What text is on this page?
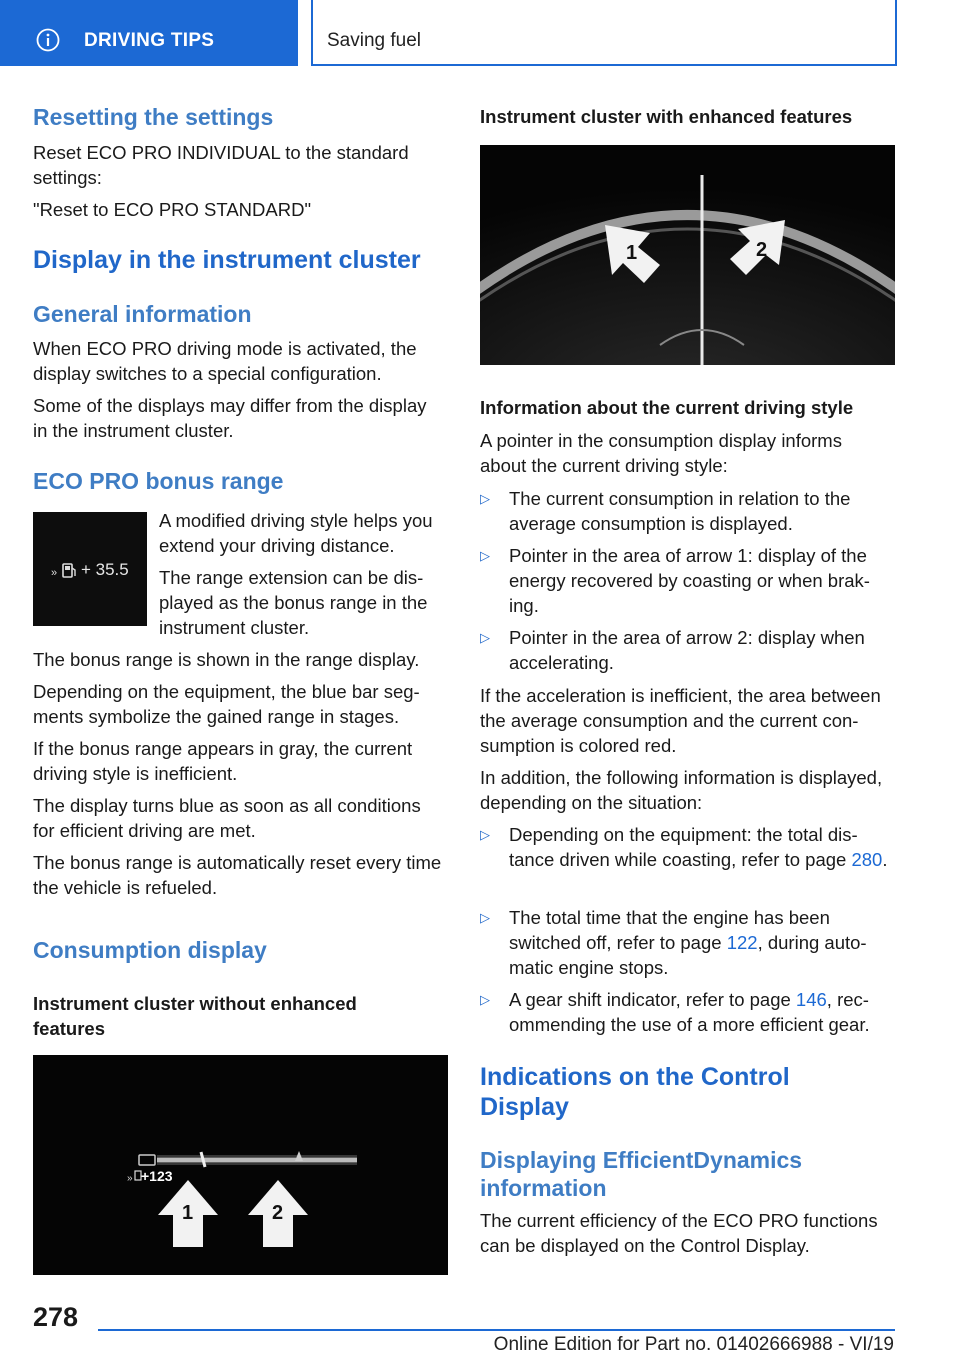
DRIVING TIPS	Saving fuel
Resetting the settings
Reset ECO PRO INDIVIDUAL to the standard settings:
"Reset to ECO PRO STANDARD"
Display in the instrument cluster
General information
When ECO PRO driving mode is activated, the display switches to a special configuration.
Some of the displays may differ from the display in the instrument cluster.
ECO PRO bonus range
» + 35.5
A modified driving style helps you extend your driving distance.
The range extension can be dis-played as the bonus range in the instrument cluster.
The bonus range is shown in the range display.
Depending on the equipment, the blue bar seg-ments symbolize the gained range in stages.
If the bonus range appears in gray, the current driving style is inefficient.
The display turns blue as soon as all conditions for efficient driving are met.
The bonus range is automatically reset every time the vehicle is refueled.
Consumption display
Instrument cluster without enhanced features
» +123
1	2
Instrument cluster with enhanced features
1	2
Information about the current driving style
A pointer in the consumption display informs about the current driving style:
▷ The current consumption in relation to the average consumption is displayed.
▷ Pointer in the area of arrow 1: display of the energy recovered by coasting or when brak-ing.
▷ Pointer in the area of arrow 2: display when accelerating.
If the acceleration is inefficient, the area between the average consumption and the current con-sumption is colored red.
In addition, the following information is displayed, depending on the situation:
▷ Depending on the equipment: the total dis-tance driven while coasting, refer to page 280.
▷ The total time that the engine has been switched off, refer to page 122, during auto-matic engine stops.
▷ A gear shift indicator, refer to page 146, rec-ommending the use of a more efficient gear.
Indications on the Control Display
Displaying EfficientDynamics information
The current efficiency of the ECO PRO functions can be displayed on the Control Display.
278
Online Edition for Part no. 01402666988 - VI/19
